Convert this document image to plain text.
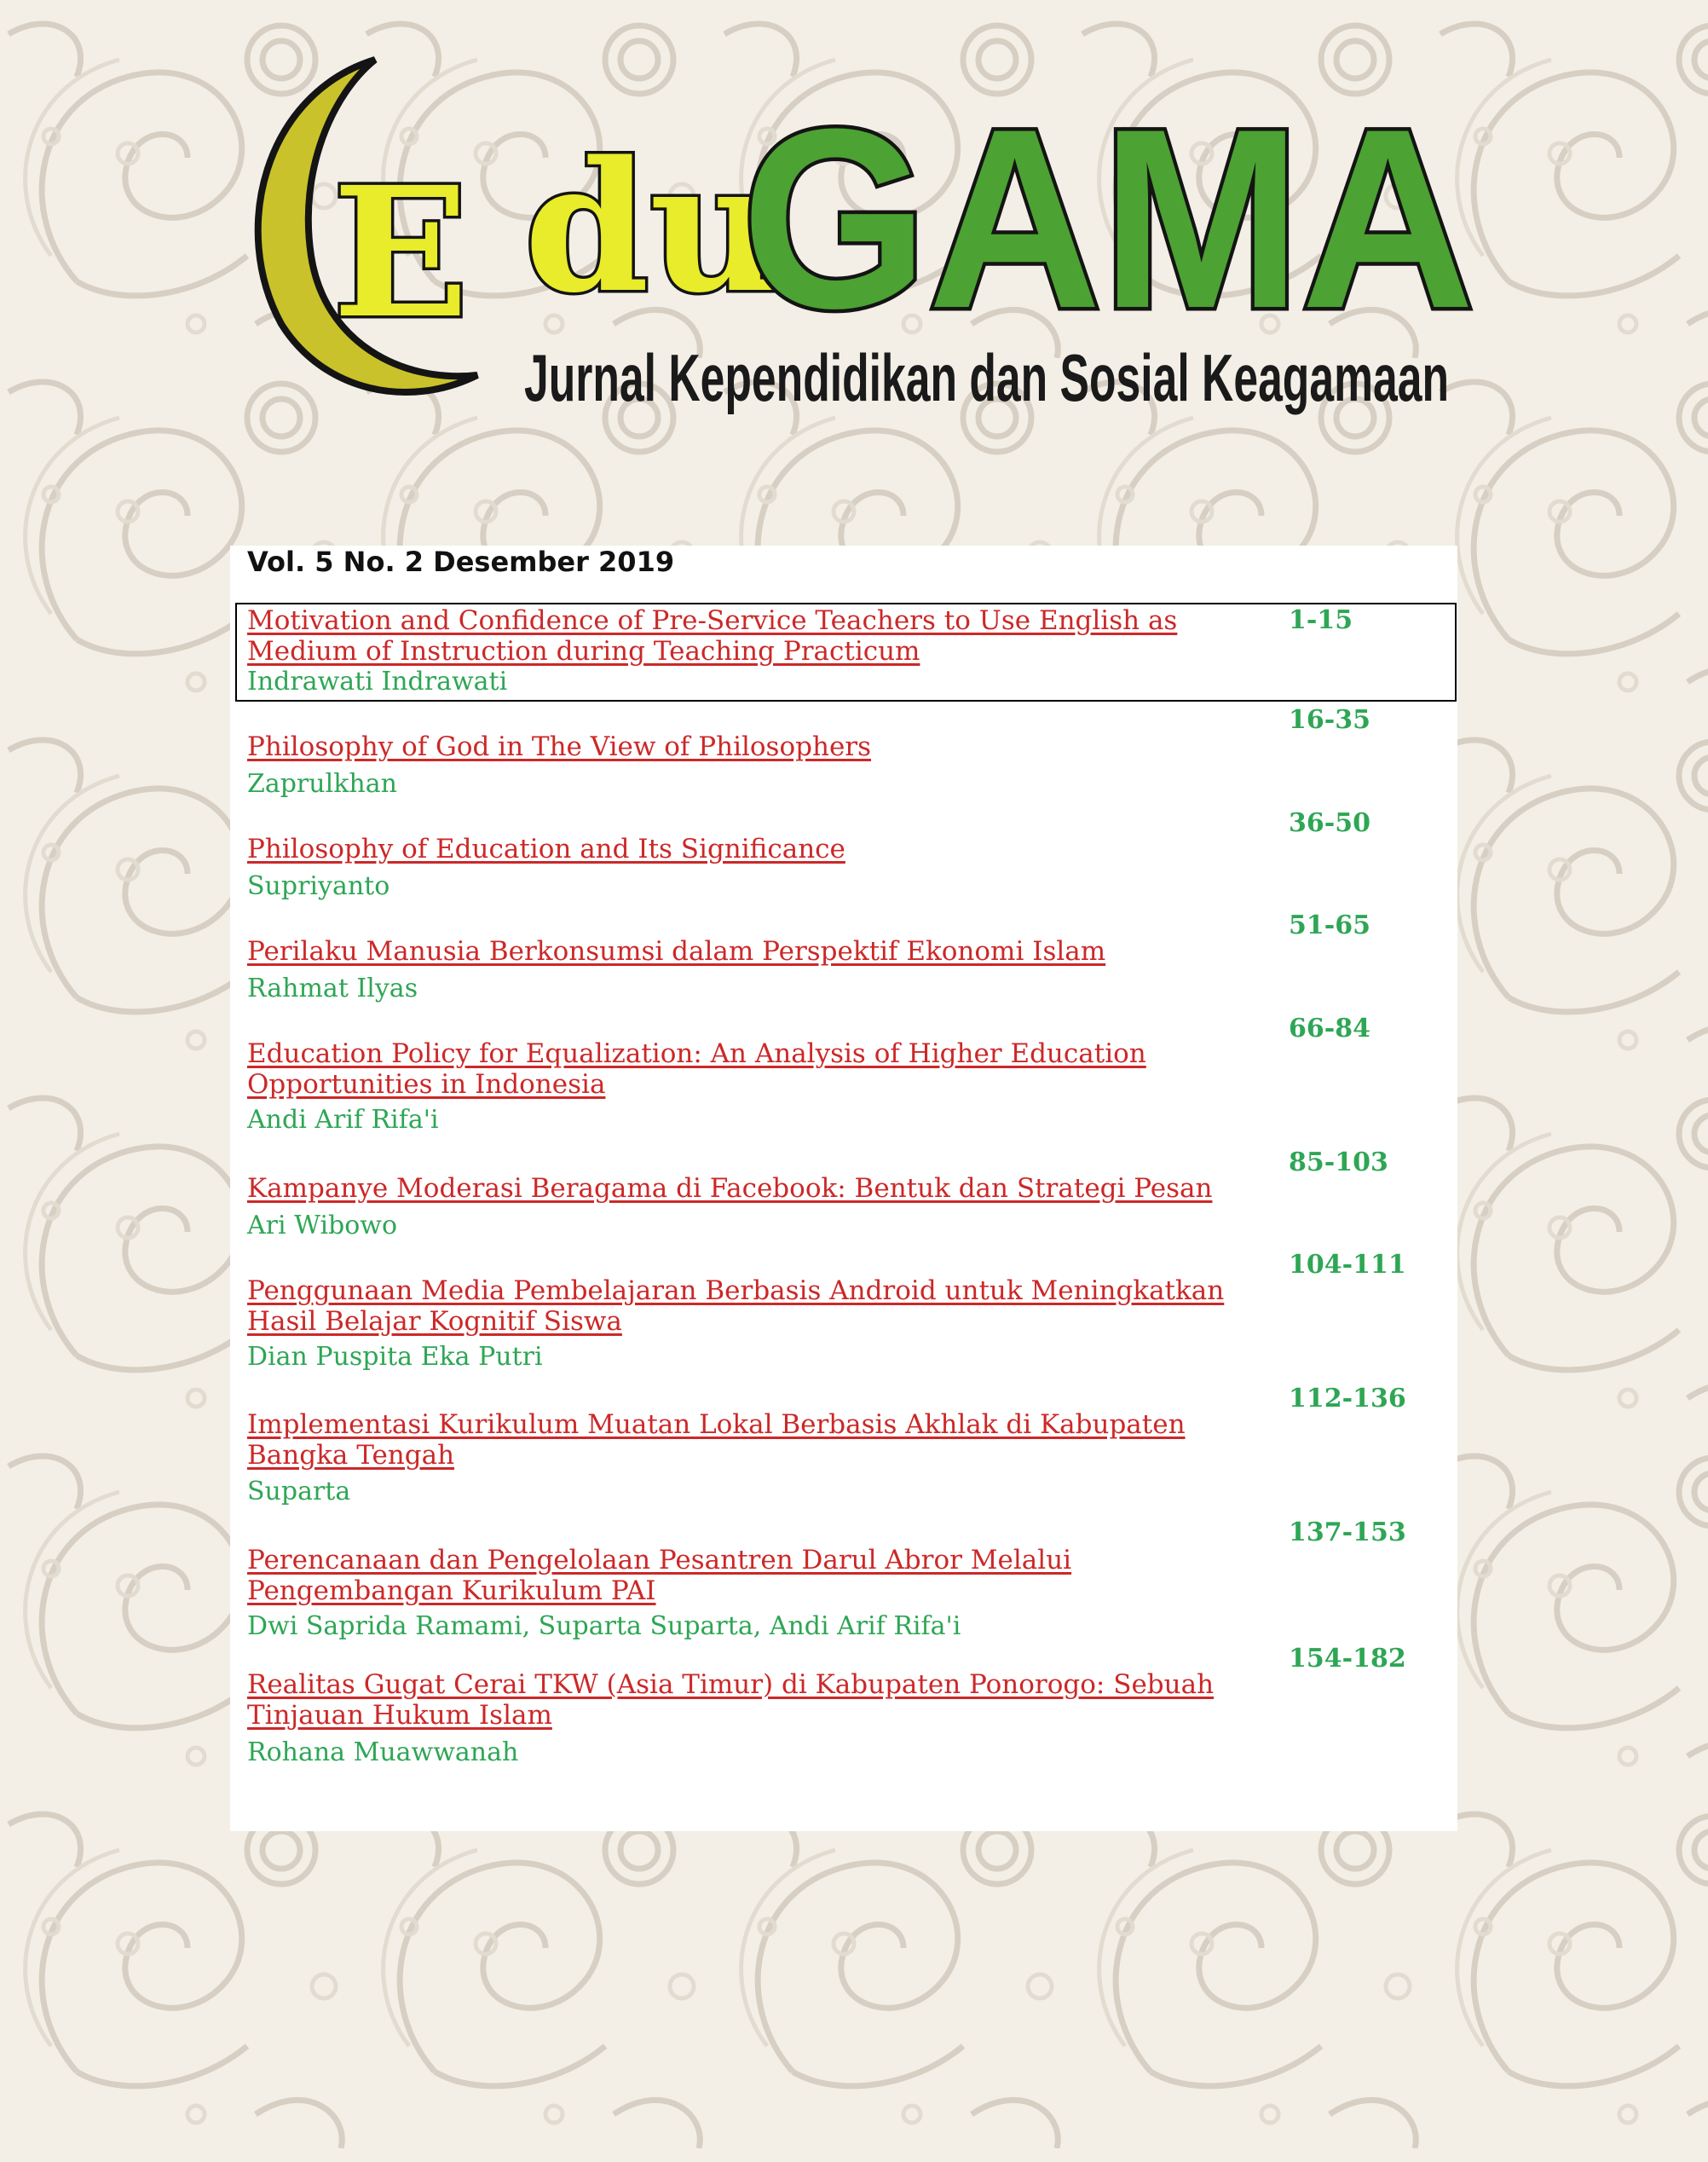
E du
GAMA
Jurnal Kependidikan dan Sosial Keagamaan
Vol. 5 No. 2 Desember 2019
Motivation and Confidence of Pre-Service Teachers to Use English as
Medium of Instruction during Teaching Practicum
Indrawati Indrawati
1-15
Philosophy of God in The View of Philosophers
Zaprulkhan
16-35
Philosophy of Education and Its Significance
Supriyanto
36-50
Perilaku Manusia Berkonsumsi dalam Perspektif Ekonomi Islam
Rahmat Ilyas
51-65
Education Policy for Equalization: An Analysis of Higher Education
Opportunities in Indonesia
Andi Arif Rifa'i
66-84
Kampanye Moderasi Beragama di Facebook: Bentuk dan Strategi Pesan
Ari Wibowo
85-103
Penggunaan Media Pembelajaran Berbasis Android untuk Meningkatkan
Hasil Belajar Kognitif Siswa
Dian Puspita Eka Putri
104-111
Implementasi Kurikulum Muatan Lokal Berbasis Akhlak di Kabupaten
Bangka Tengah
Suparta
112-136
Perencanaan dan Pengelolaan Pesantren Darul Abror Melalui
Pengembangan Kurikulum PAI
Dwi Saprida Ramami, Suparta Suparta, Andi Arif Rifa'i
137-153
Realitas Gugat Cerai TKW (Asia Timur) di Kabupaten Ponorogo: Sebuah
Tinjauan Hukum Islam
Rohana Muawwanah
154-182
